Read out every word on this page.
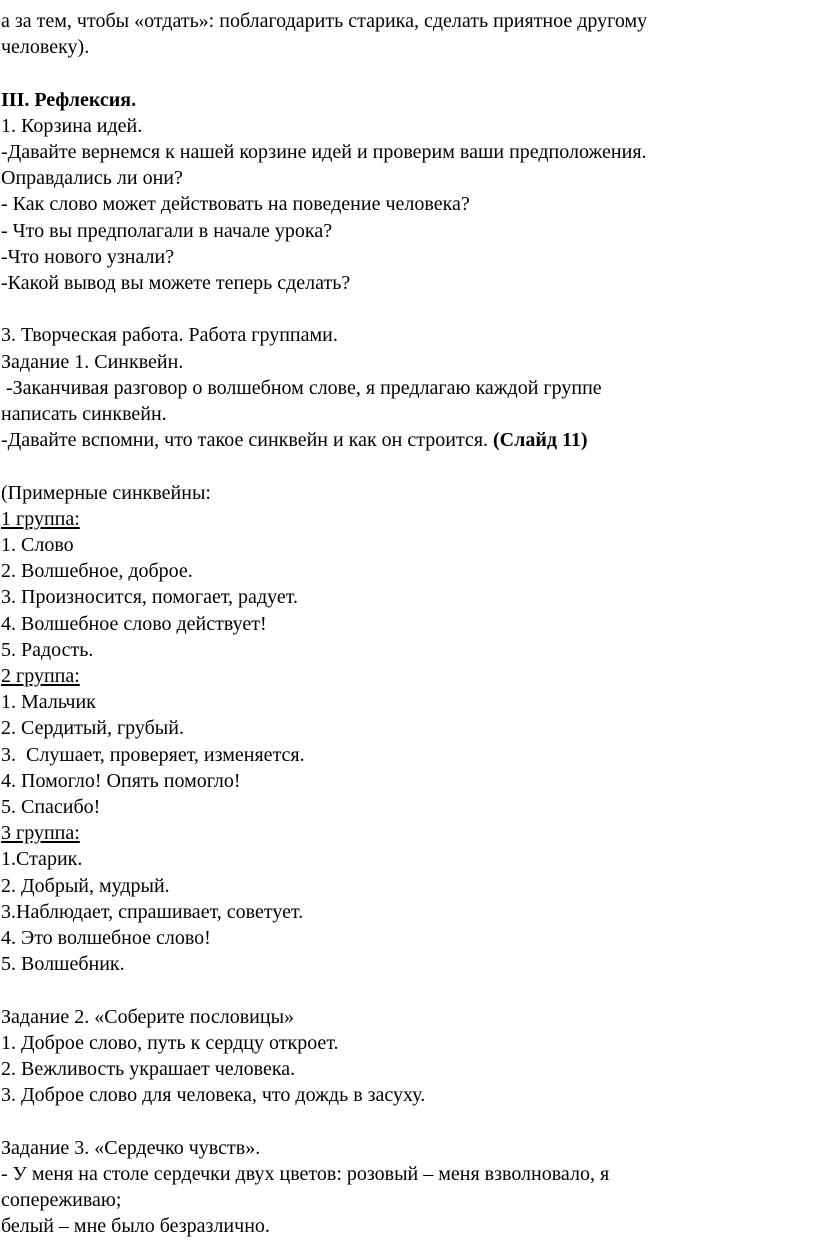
а за тем, чтобы «отдать»: поблагодарить старика, сделать приятное другому
человеку).
III. Рефлексия.
1. Корзина идей.
-Давайте вернемся к нашей корзине идей и проверим ваши предположения.
Оправдались ли они?
- Как слово может действовать на поведение человека?
- Что вы предполагали в начале урока?
-Что нового узнали?
-Какой вывод вы можете теперь сделать?
3. Творческая работа. Работа группами.
Задание 1. Синквейн.
-Заканчивая разговор о волшебном слове, я предлагаю каждой группе
написать синквейн.
-Давайте вспомни, что такое синквейн и как он строится. (Слайд 11)
(Примерные синквейны:
1 группа:
1. Слово
2. Волшебное, доброе.
3. Произносится, помогает, радует.
4. Волшебное слово действует!
5. Радость.
2 группа:
1. Мальчик
2. Сердитый, грубый.
3.  Слушает, проверяет, изменяется.
4. Помогло! Опять помогло!
5. Спасибо!
3 группа:
1.Старик.
2. Добрый, мудрый.
3.Наблюдает, спрашивает, советует.
4. Это волшебное слово!
5. Волшебник.
Задание 2. «Соберите пословицы»
1. Доброе слово, путь к сердцу откроет.
2. Вежливость украшает человека.
3. Доброе слово для человека, что дождь в засуху.
Задание 3. «Сердечко чувств».
- У меня на столе сердечки двух цветов: розовый – меня взволновало, я
сопереживаю;
белый – мне было безразлично.
